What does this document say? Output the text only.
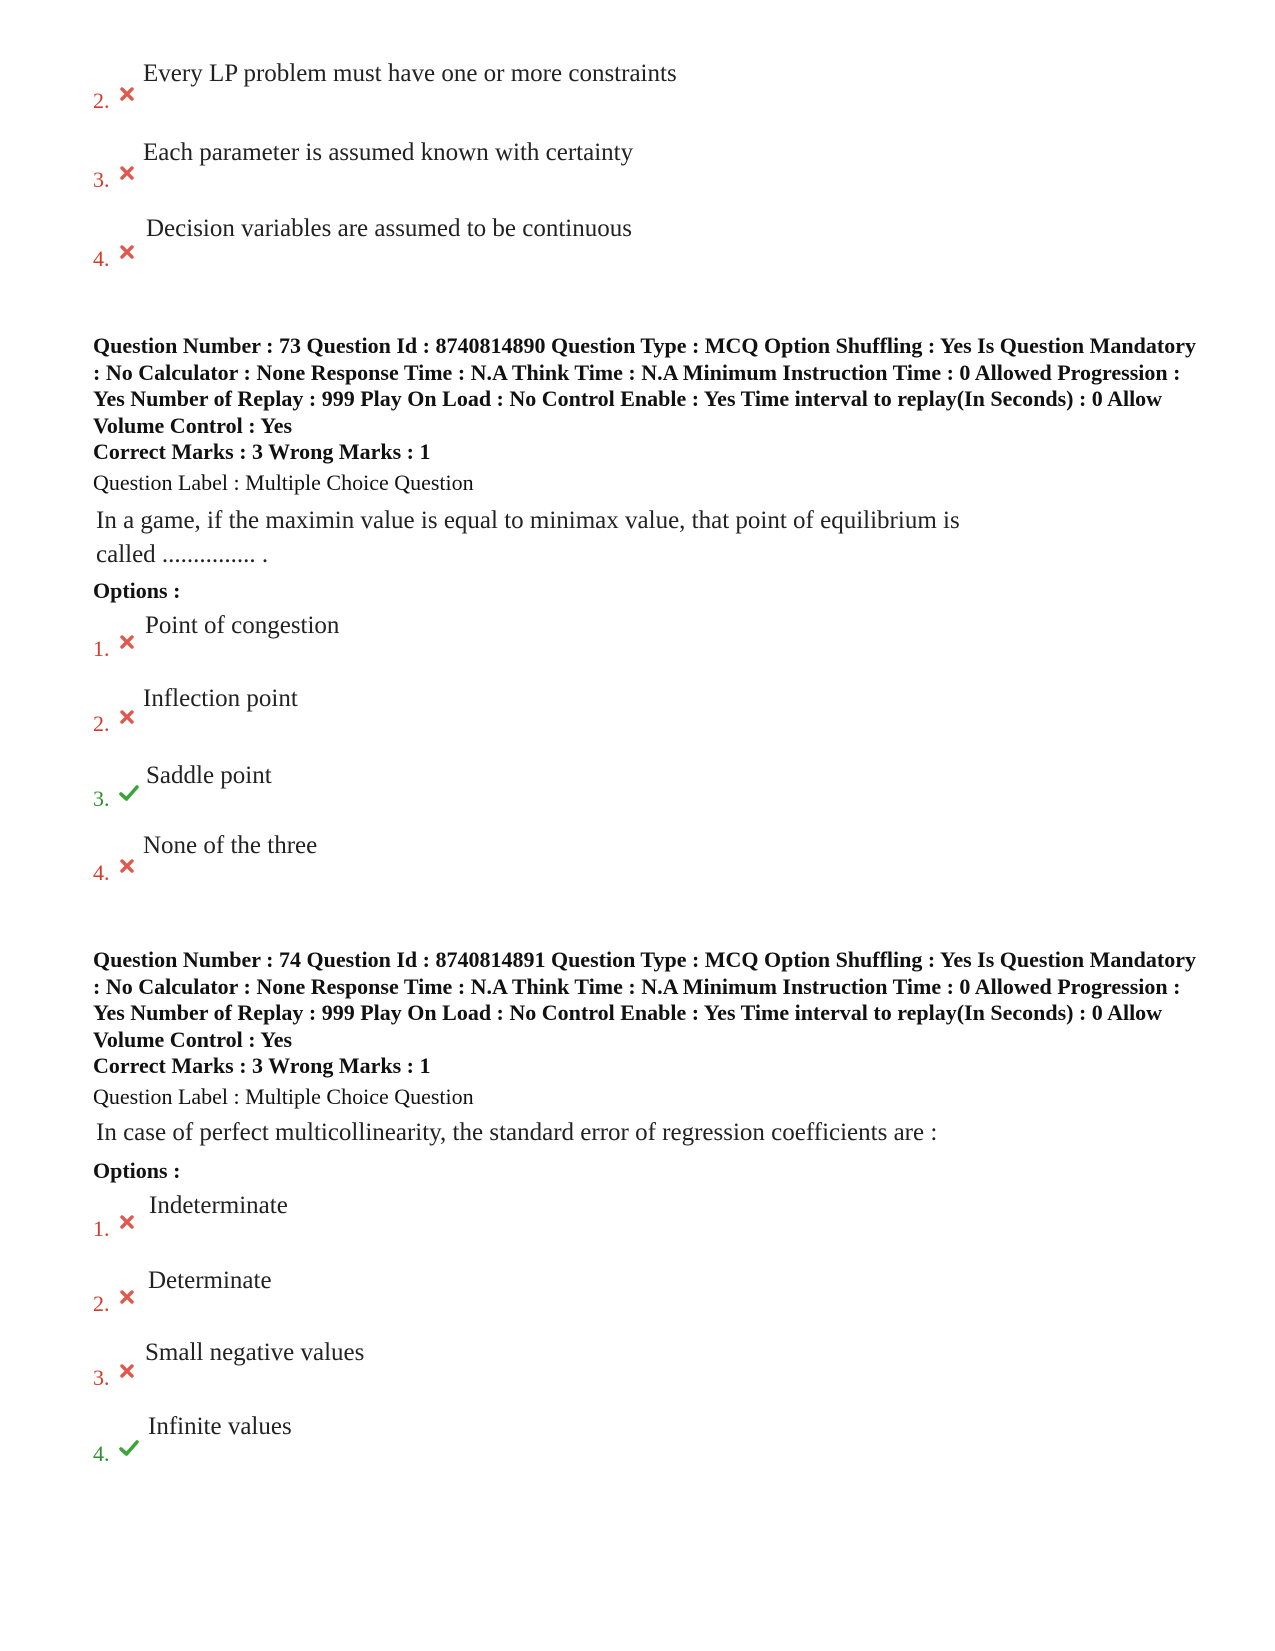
2.
Every LP problem must have one or more constraints
3.
Each parameter is assumed known with certainty
4.
Decision variables are assumed to be continuous
Question Number : 73 Question Id : 8740814890 Question Type : MCQ Option Shuffling : Yes Is Question Mandatory : No Calculator : None Response Time : N.A Think Time : N.A Minimum Instruction Time : 0 Allowed Progression : Yes Number of Replay : 999 Play On Load : No Control Enable : Yes Time interval to replay(In Seconds) : 0 Allow Volume Control : Yes
Correct Marks : 3 Wrong Marks : 1
Question Label : Multiple Choice Question
In a game, if the maximin value is equal to minimax value, that point of equilibrium is called ............... .
Options :
1.
Point of congestion
2.
Inflection point
3.
Saddle point
4.
None of the three
Question Number : 74 Question Id : 8740814891 Question Type : MCQ Option Shuffling : Yes Is Question Mandatory : No Calculator : None Response Time : N.A Think Time : N.A Minimum Instruction Time : 0 Allowed Progression : Yes Number of Replay : 999 Play On Load : No Control Enable : Yes Time interval to replay(In Seconds) : 0 Allow Volume Control : Yes
Correct Marks : 3 Wrong Marks : 1
Question Label : Multiple Choice Question
In case of perfect multicollinearity, the standard error of regression coefficients are :
Options :
1.
Indeterminate
2.
Determinate
3.
Small negative values
4.
Infinite values
